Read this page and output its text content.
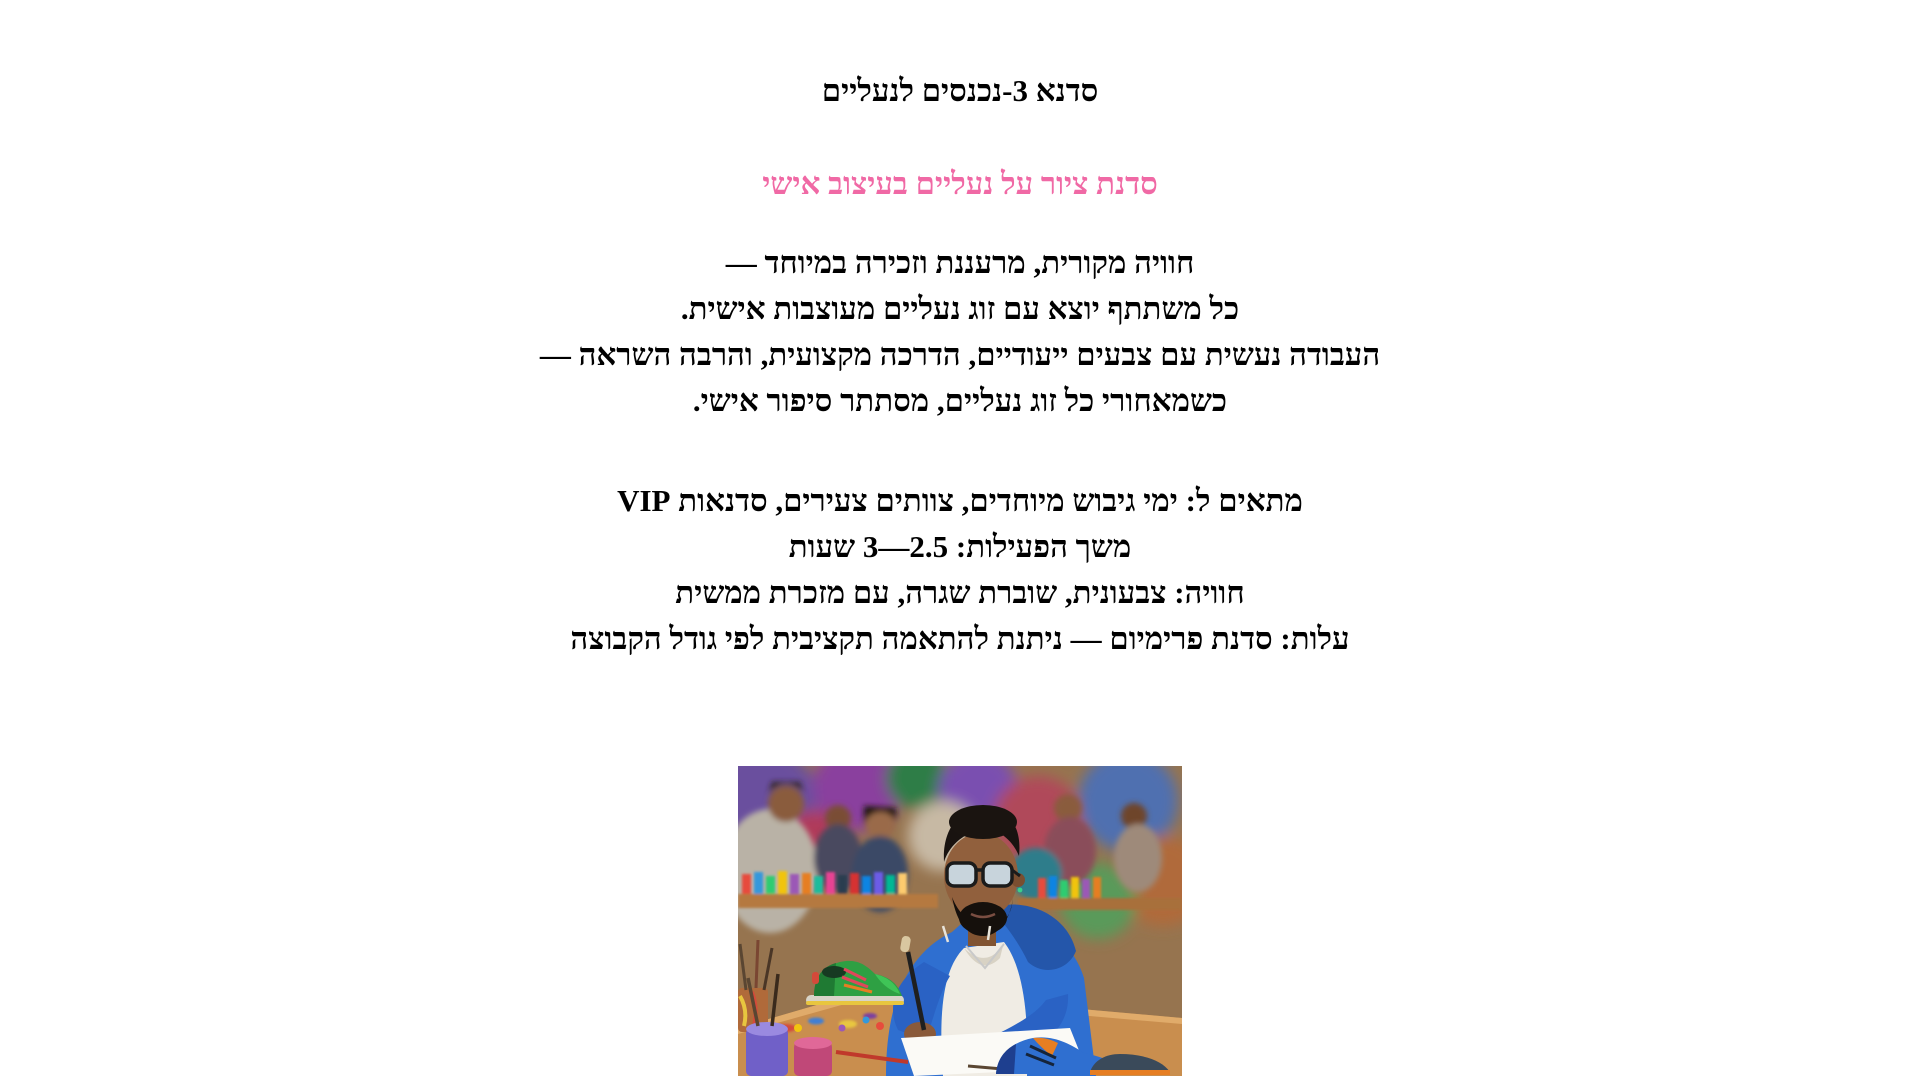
סדנא 3-נכנסים לנעליים
סדנת ציור על נעליים בעיצוב אישי
חוויה מקורית, מרעננת וזכירה במיוחד —
כל משתתף יוצא עם זוג נעליים מעוצבות אישית.
העבודה נעשית עם צבעים ייעודיים, הדרכה מקצועית, והרבה השראה —
כשמאחורי כל זוג נעליים, מסתתר סיפור אישי.
מתאים ל: ימי גיבוש מיוחדים, צוותים צעירים, סדנאות VIP
משך הפעילות: 2.5—3 שעות
חוויה: צבעונית, שוברת שגרה, עם מזכרת ממשית
עלות: סדנת פרימיום — ניתנת להתאמה תקציבית לפי גודל הקבוצה
